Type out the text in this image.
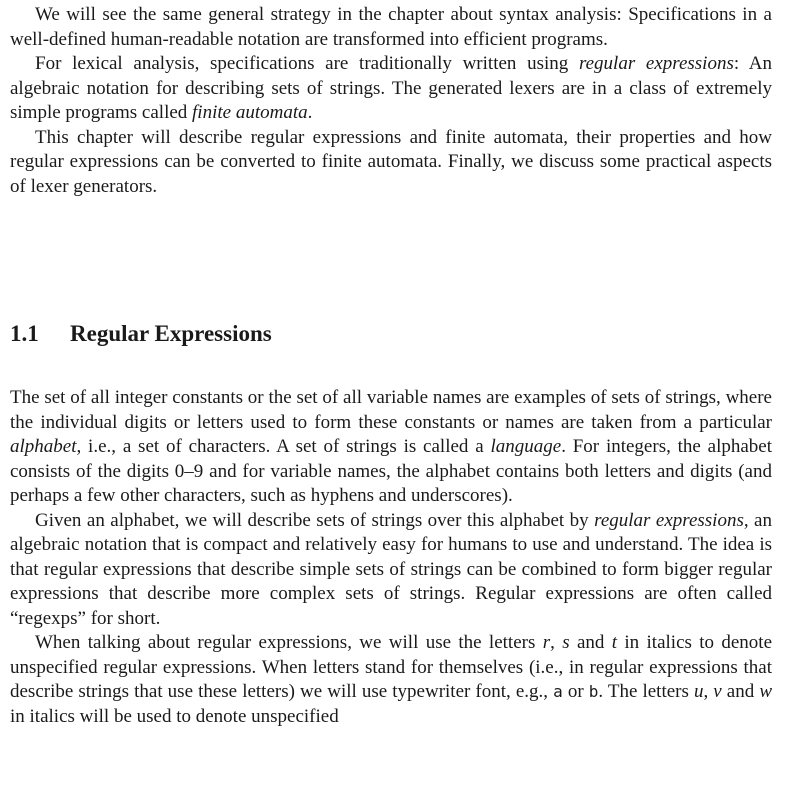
We will see the same general strategy in the chapter about syntax analysis: Specifications in a well-defined human-readable notation are transformed into efficient programs.

For lexical analysis, specifications are traditionally written using regular expressions: An algebraic notation for describing sets of strings. The generated lexers are in a class of extremely simple programs called finite automata.

This chapter will describe regular expressions and finite automata, their properties and how regular expressions can be converted to finite automata. Finally, we discuss some practical aspects of lexer generators.

1.1 Regular Expressions

The set of all integer constants or the set of all variable names are examples of sets of strings, where the individual digits or letters used to form these constants or names are taken from a particular alphabet, i.e., a set of characters. A set of strings is called a language. For integers, the alphabet consists of the digits 0–9 and for variable names, the alphabet contains both letters and digits (and perhaps a few other characters, such as hyphens and underscores).

Given an alphabet, we will describe sets of strings over this alphabet by regular expressions, an algebraic notation that is compact and relatively easy for humans to use and understand. The idea is that regular expressions that describe simple sets of strings can be combined to form bigger regular expressions that describe more complex sets of strings. Regular expressions are often called “regexps” for short.

When talking about regular expressions, we will use the letters r, s and t in italics to denote unspecified regular expressions. When letters stand for themselves (i.e., in regular expressions that describe strings that use these letters) we will use typewriter font, e.g., a or b. The letters u, v and w in italics will be used to denote unspecified
